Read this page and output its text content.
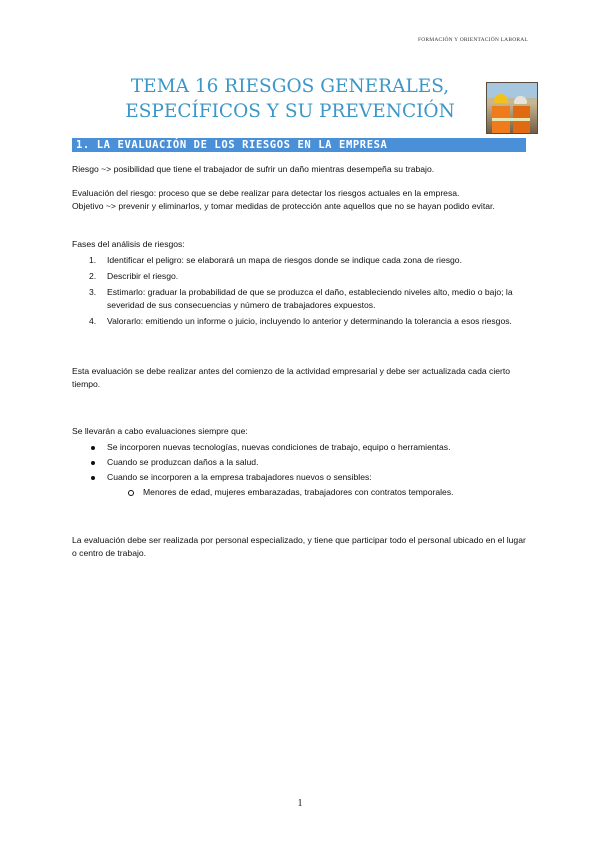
FORMACIÓN Y ORIENTACIÓN LABORAL
TEMA 16 RIESGOS GENERALES,
ESPECÍFICOS Y SU PREVENCIÓN
1. LA EVALUACIÓN DE LOS RIESGOS EN LA EMPRESA
Riesgo ~> posibilidad que tiene el trabajador de sufrir un daño mientras desempeña su trabajo.
Evaluación del riesgo: proceso que se debe realizar para detectar los riesgos actuales en la empresa.
Objetivo ~> prevenir y eliminarlos, y tomar medidas de protección ante aquellos que no se hayan podido evitar.
Fases del análisis de riesgos:
1. Identificar el peligro: se elaborará un mapa de riesgos donde se indique cada zona de riesgo.
2. Describir el riesgo.
3. Estimarlo: graduar la probabilidad de que se produzca el daño, estableciendo niveles alto, medio o bajo; la severidad de sus consecuencias y número de trabajadores expuestos.
4. Valorarlo: emitiendo un informe o juicio, incluyendo lo anterior y determinando la tolerancia a esos riesgos.
Esta evaluación se debe realizar antes del comienzo de la actividad empresarial y debe ser actualizada cada cierto tiempo.
Se llevarán a cabo evaluaciones siempre que:
Se incorporen nuevas tecnologías, nuevas condiciones de trabajo, equipo o herramientas.
Cuando se produzcan daños a la salud.
Cuando se incorporen a la empresa trabajadores nuevos o sensibles:
Menores de edad, mujeres embarazadas, trabajadores con contratos temporales.
La evaluación debe ser realizada por personal especializado, y tiene que participar todo el personal ubicado en el lugar o centro de trabajo.
1
